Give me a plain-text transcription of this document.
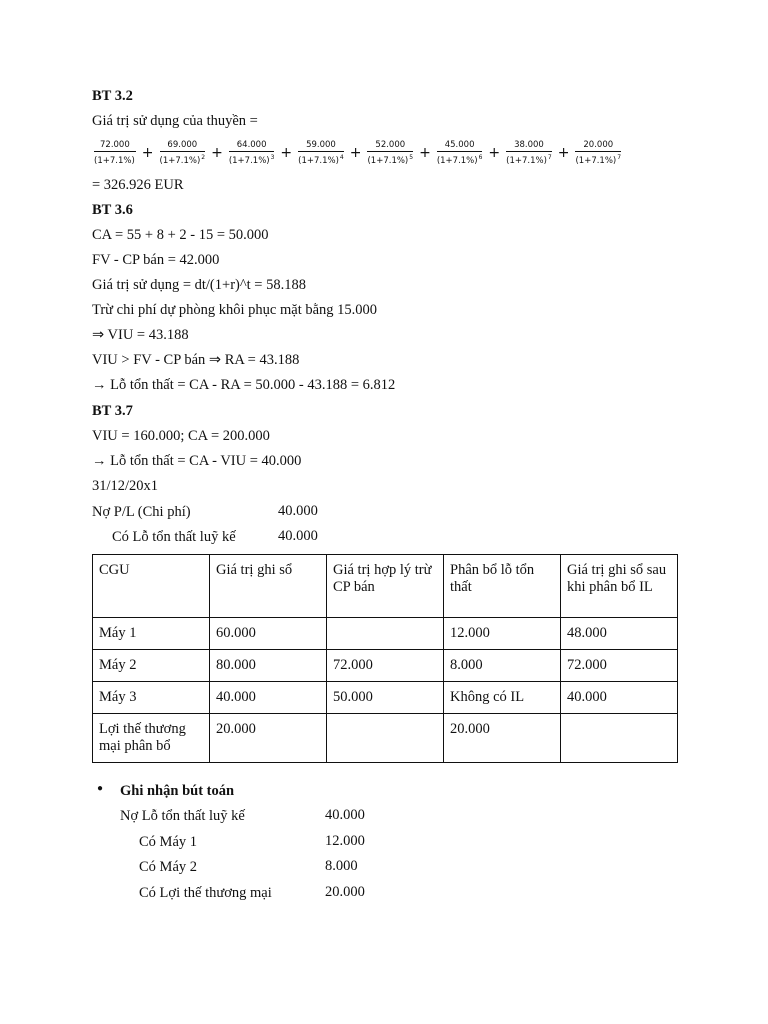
BT 3.2
Giá trị sử dụng của thuyền =
$\frac{72.000}{(1+7.1\%)} + \frac{69.000}{(1+7.1\%)^2} + \frac{64.000}{(1+7.1\%)^3} + \frac{59.000}{(1+7.1\%)^4} + \frac{52.000}{(1+7.1\%)^5} + \frac{45.000}{(1+7.1\%)^6} + \frac{38.000}{(1+7.1\%)^7} + \frac{20.000}{(1+7.1\%)^7}$
= 326.926 EUR
BT 3.6
CA = 55 + 8 + 2 - 15 = 50.000
FV - CP bán = 42.000
Giá trị sử dụng = dt/(1+r)^t = 58.188
Trừ chi phí dự phòng khôi phục mặt bằng 15.000
⇒ VIU = 43.188
VIU > FV - CP bán ⇒ RA = 43.188
→ Lỗ tổn thất = CA - RA = 50.000 - 43.188 = 6.812
BT 3.7
VIU = 160.000; CA = 200.000
→ Lỗ tổn thất = CA - VIU = 40.000
31/12/20x1
Nợ P/L (Chi phí)	40.000
Có Lỗ tổn thất luỹ kế	40.000
CGU	Giá trị ghi sổ	Giá trị hợp lý trừ CP bán	Phân bổ lỗ tổn thất	Giá trị ghi sổ sau khi phân bổ IL
Máy 1	60.000		12.000	48.000
Máy 2	80.000	72.000	8.000	72.000
Máy 3	40.000	50.000	Không có IL	40.000
Lợi thế thương mại phân bổ	20.000		20.000	
● Ghi nhận bút toán
Nợ Lỗ tổn thất luỹ kế	40.000
Có Máy 1	12.000
Có Máy 2	8.000
Có Lợi thế thương mại	20.000
